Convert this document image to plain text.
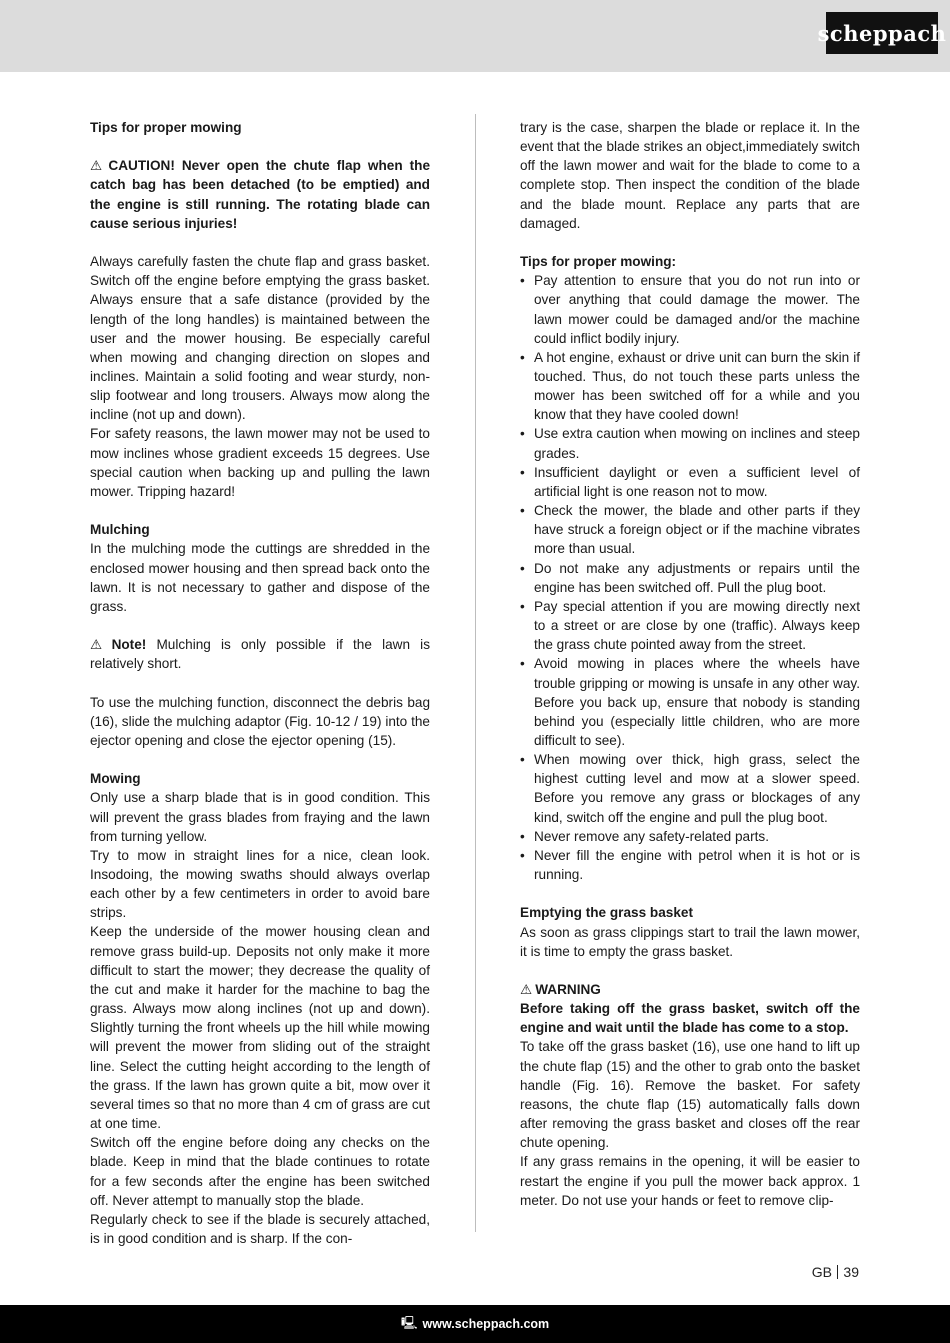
scheppach

Tips for proper mowing

⚠ CAUTION! Never open the chute flap when the catch bag has been detached (to be emptied) and the engine is still running. The rotating blade can cause serious injuries!

Always carefully fasten the chute flap and grass basket. Switch off the engine before emptying the grass basket. Always ensure that a safe distance (provided by the length of the long handles) is maintained between the user and the mower housing. Be especially careful when mowing and changing direction on slopes and inclines. Maintain a solid footing and wear sturdy, non-slip footwear and long trousers. Always mow along the incline (not up and down).

For safety reasons, the lawn mower may not be used to mow inclines whose gradient exceeds 15 degrees. Use special caution when backing up and pulling the lawn mower. Tripping hazard!

Mulching

In the mulching mode the cuttings are shredded in the enclosed mower housing and then spread back onto the lawn. It is not necessary to gather and dispose of the grass.

⚠ Note! Mulching is only possible if the lawn is relatively short.

To use the mulching function, disconnect the debris bag (16), slide the mulching adaptor (Fig. 10-12 / 19) into the ejector opening and close the ejector opening (15).

Mowing

Only use a sharp blade that is in good condition. This will prevent the grass blades from fraying and the lawn from turning yellow.

Try to mow in straight lines for a nice, clean look. Insodoing, the mowing swaths should always overlap each other by a few centimeters in order to avoid bare strips.

Keep the underside of the mower housing clean and remove grass build-up. Deposits not only make it more difficult to start the mower; they decrease the quality of the cut and make it harder for the machine to bag the grass. Always mow along inclines (not up and down). Slightly turning the front wheels up the hill while mowing will prevent the mower from sliding out of the straight line. Select the cutting height according to the length of the grass. If the lawn has grown quite a bit, mow over it several times so that no more than 4 cm of grass are cut at one time.

Switch off the engine before doing any checks on the blade. Keep in mind that the blade continues to rotate for a few seconds after the engine has been switched off. Never attempt to manually stop the blade.

Regularly check to see if the blade is securely attached, is in good condition and is sharp. If the con-

trary is the case, sharpen the blade or replace it. In the event that the blade strikes an object,immediately switch off the lawn mower and wait for the blade to come to a complete stop. Then inspect the condition of the blade and the blade mount. Replace any parts that are damaged.

Tips for proper mowing:

• Pay attention to ensure that you do not run into or over anything that could damage the mower. The lawn mower could be damaged and/or the machine could inflict bodily injury.
• A hot engine, exhaust or drive unit can burn the skin if touched. Thus, do not touch these parts unless the mower has been switched off for a while and you know that they have cooled down!
• Use extra caution when mowing on inclines and steep grades.
• Insufficient daylight or even a sufficient level of artificial light is one reason not to mow.
• Check the mower, the blade and other parts if they have struck a foreign object or if the machine vibrates more than usual.
• Do not make any adjustments or repairs until the engine has been switched off. Pull the plug boot.
• Pay special attention if you are mowing directly next to a street or are close by one (traffic). Always keep the grass chute pointed away from the street.
• Avoid mowing in places where the wheels have trouble gripping or mowing is unsafe in any other way. Before you back up, ensure that nobody is standing behind you (especially little children, who are more difficult to see).
• When mowing over thick, high grass, select the highest cutting level and mow at a slower speed. Before you remove any grass or blockages of any kind, switch off the engine and pull the plug boot.
• Never remove any safety-related parts.
• Never fill the engine with petrol when it is hot or is running.

Emptying the grass basket

As soon as grass clippings start to trail the lawn mower, it is time to empty the grass basket.

⚠ WARNING

Before taking off the grass basket, switch off the engine and wait until the blade has come to a stop.

To take off the grass basket (16), use one hand to lift up the chute flap (15) and the other to grab onto the basket handle (Fig. 16). Remove the basket. For safety reasons, the chute flap (15) automatically falls down after removing the grass basket and closes off the rear chute opening.

If any grass remains in the opening, it will be easier to restart the engine if you pull the mower back approx. 1 meter. Do not use your hands or feet to remove clip-

GB 39
🖳 www.scheppach.com
